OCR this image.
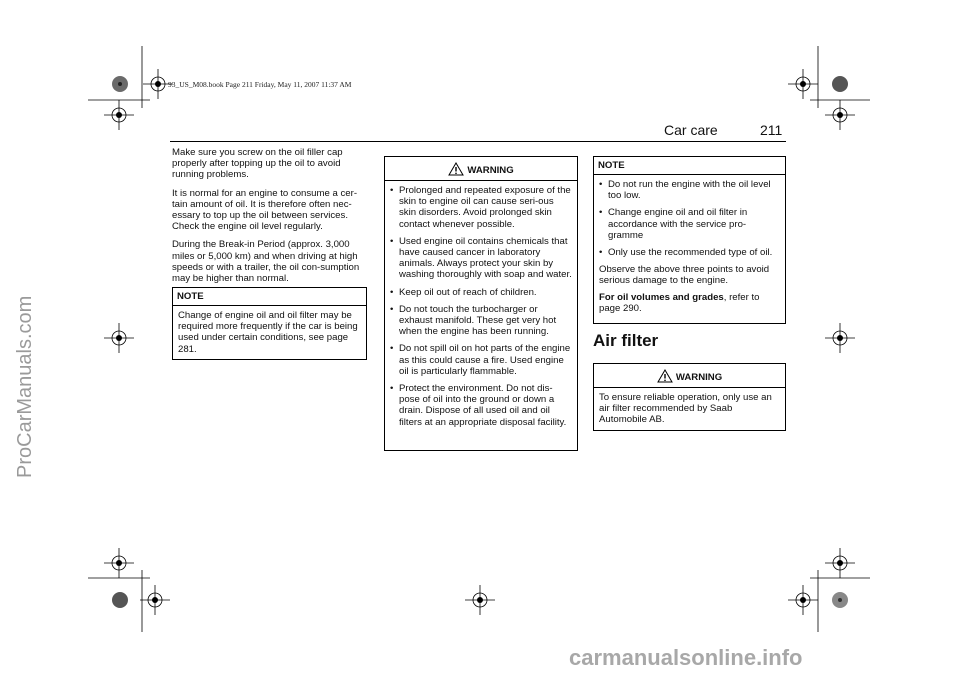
93_US_M08.book Page 211 Friday, May 11, 2007 11:37 AM
Car care	211
ProCarManuals.com
carmanualsonline.info

Make sure you screw on the oil filler cap properly after topping up the oil to avoid running problems.

It is normal for an engine to consume a cer-tain amount of oil. It is therefore often nec-essary to top up the oil between services. Check the engine oil level regularly.

During the Break-in Period (approx. 3,000 miles or 5,000 km) and when driving at high speeds or with a trailer, the oil con-sumption may be higher than normal.

NOTE
Change of engine oil and oil filter may be required more frequently if the car is being used under certain conditions, see page 281.
WARNING
• Prolonged and repeated exposure of the skin to engine oil can cause seri-ous skin disorders. Avoid prolonged skin contact whenever possible.
• Used engine oil contains chemicals that have caused cancer in laboratory animals. Always protect your skin by washing thoroughly with soap and water.
• Keep oil out of reach of children.
• Do not touch the turbocharger or exhaust manifold. These get very hot when the engine has been running.
• Do not spill oil on hot parts of the engine as this could cause a fire. Used engine oil is particularly flammable.
• Protect the environment. Do not dis-pose of oil into the ground or down a drain. Dispose of all used oil and oil filters at an appropriate disposal facility.
NOTE
• Do not run the engine with the oil level too low.
• Change engine oil and oil filter in accordance with the service pro-gramme
• Only use the recommended type of oil.

Observe the above three points to avoid serious damage to the engine.

For oil volumes and grades, refer to page 290.

Air filter
WARNING
To ensure reliable operation, only use an air filter recommended by Saab Automobile AB.
